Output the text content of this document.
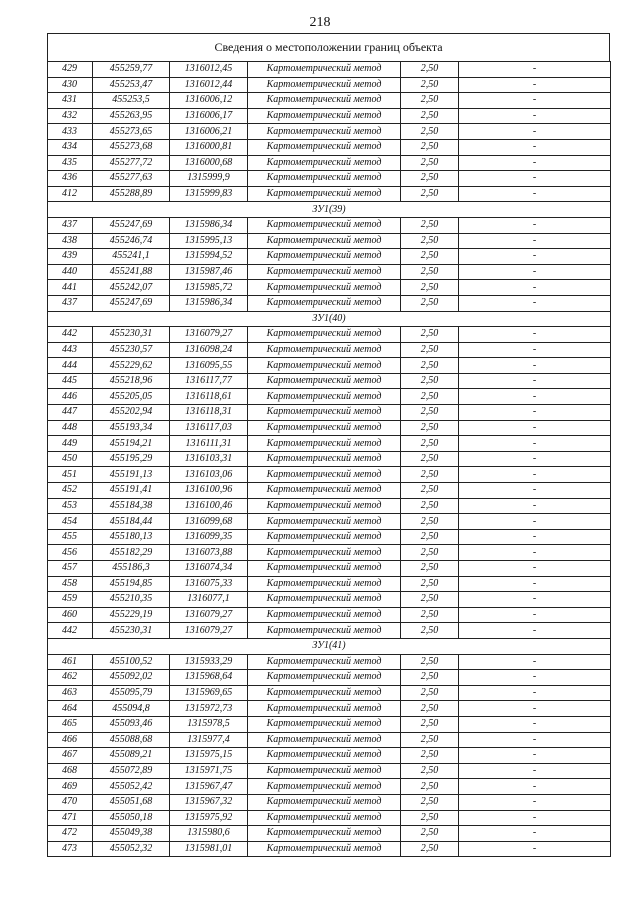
218
Сведения о местоположении границ объекта
429	455259,77	1316012,45	Картометрический метод	2,50	-
430	455253,47	1316012,44	Картометрический метод	2,50	-
431	455253,5	1316006,12	Картометрический метод	2,50	-
432	455263,95	1316006,17	Картометрический метод	2,50	-
433	455273,65	1316006,21	Картометрический метод	2,50	-
434	455273,68	1316000,81	Картометрический метод	2,50	-
435	455277,72	1316000,68	Картометрический метод	2,50	-
436	455277,63	1315999,9	Картометрический метод	2,50	-
412	455288,89	1315999,83	Картометрический метод	2,50	-
ЗУ1(39)					
437	455247,69	1315986,34	Картометрический метод	2,50	-
438	455246,74	1315995,13	Картометрический метод	2,50	-
439	455241,1	1315994,52	Картометрический метод	2,50	-
440	455241,88	1315987,46	Картометрический метод	2,50	-
441	455242,07	1315985,72	Картометрический метод	2,50	-
437	455247,69	1315986,34	Картометрический метод	2,50	-
ЗУ1(40)					
442	455230,31	1316079,27	Картометрический метод	2,50	-
443	455230,57	1316098,24	Картометрический метод	2,50	-
444	455229,62	1316095,55	Картометрический метод	2,50	-
445	455218,96	1316117,77	Картометрический метод	2,50	-
446	455205,05	1316118,61	Картометрический метод	2,50	-
447	455202,94	1316118,31	Картометрический метод	2,50	-
448	455193,34	1316117,03	Картометрический метод	2,50	-
449	455194,21	1316111,31	Картометрический метод	2,50	-
450	455195,29	1316103,31	Картометрический метод	2,50	-
451	455191,13	1316103,06	Картометрический метод	2,50	-
452	455191,41	1316100,96	Картометрический метод	2,50	-
453	455184,38	1316100,46	Картометрический метод	2,50	-
454	455184,44	1316099,68	Картометрический метод	2,50	-
455	455180,13	1316099,35	Картометрический метод	2,50	-
456	455182,29	1316073,88	Картометрический метод	2,50	-
457	455186,3	1316074,34	Картометрический метод	2,50	-
458	455194,85	1316075,33	Картометрический метод	2,50	-
459	455210,35	1316077,1	Картометрический метод	2,50	-
460	455229,19	1316079,27	Картометрический метод	2,50	-
442	455230,31	1316079,27	Картометрический метод	2,50	-
ЗУ1(41)					
461	455100,52	1315933,29	Картометрический метод	2,50	-
462	455092,02	1315968,64	Картометрический метод	2,50	-
463	455095,79	1315969,65	Картометрический метод	2,50	-
464	455094,8	1315972,73	Картометрический метод	2,50	-
465	455093,46	1315978,5	Картометрический метод	2,50	-
466	455088,68	1315977,4	Картометрический метод	2,50	-
467	455089,21	1315975,15	Картометрический метод	2,50	-
468	455072,89	1315971,75	Картометрический метод	2,50	-
469	455052,42	1315967,47	Картометрический метод	2,50	-
470	455051,68	1315967,32	Картометрический метод	2,50	-
471	455050,18	1315975,92	Картометрический метод	2,50	-
472	455049,38	1315980,6	Картометрический метод	2,50	-
473	455052,32	1315981,01	Картометрический метод	2,50	-
